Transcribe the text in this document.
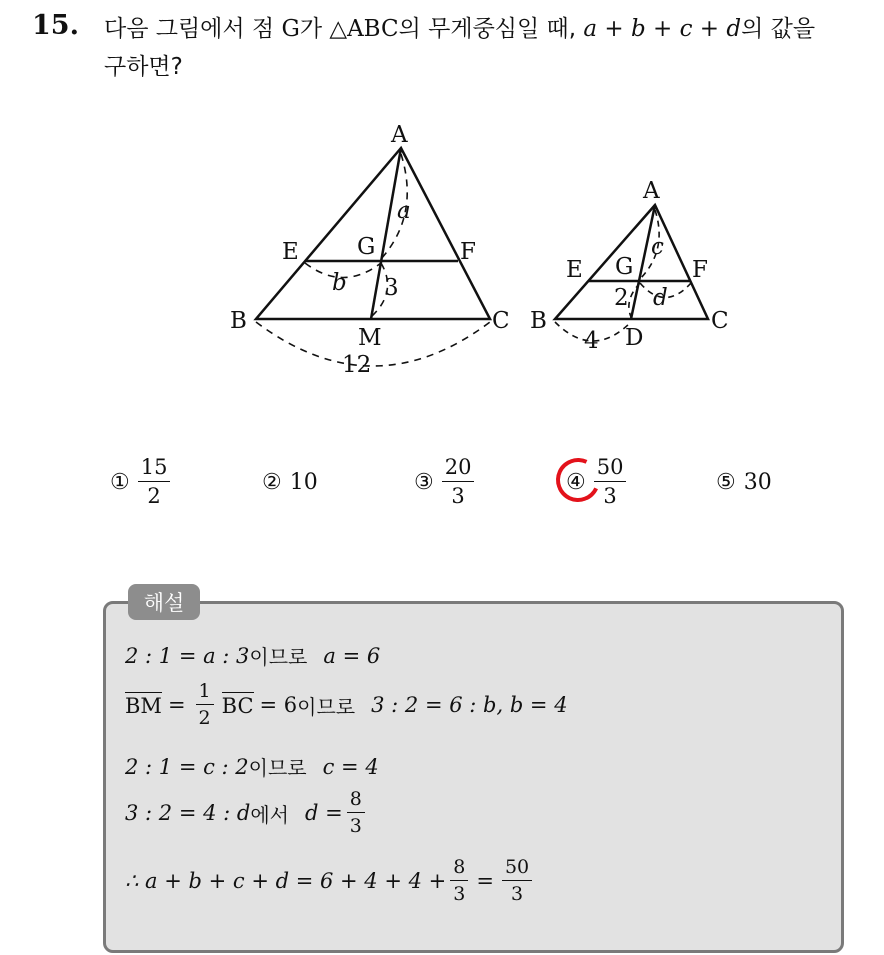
15. 다음 그림에서 점 G가 △ABC의 무게중심일 때, a + b + c + d의 값을
구하면?
A
E	G	F
B
M
C
a
b 3
12
A
E G	F
B
D
C
c
d
2
4
① $\frac{15}{2}$	② 10	③ $\frac{20}{3}$	④ $\frac{50}{3}$	⑤ 30
해설
2 : 1 = a : 3 이므로 a = 6
BM = $\frac{1}{2}$ BC = 6 이므로 3 : 2 = 6 : b, b = 4
2 : 1 = c : 2 이므로 c = 4
3 : 2 = 4 : d 에서 $d = \frac{8}{3}$
∴ $a + b + c + d = 6 + 4 + 4 + \frac{8}{3} = \frac{50}{3}$
